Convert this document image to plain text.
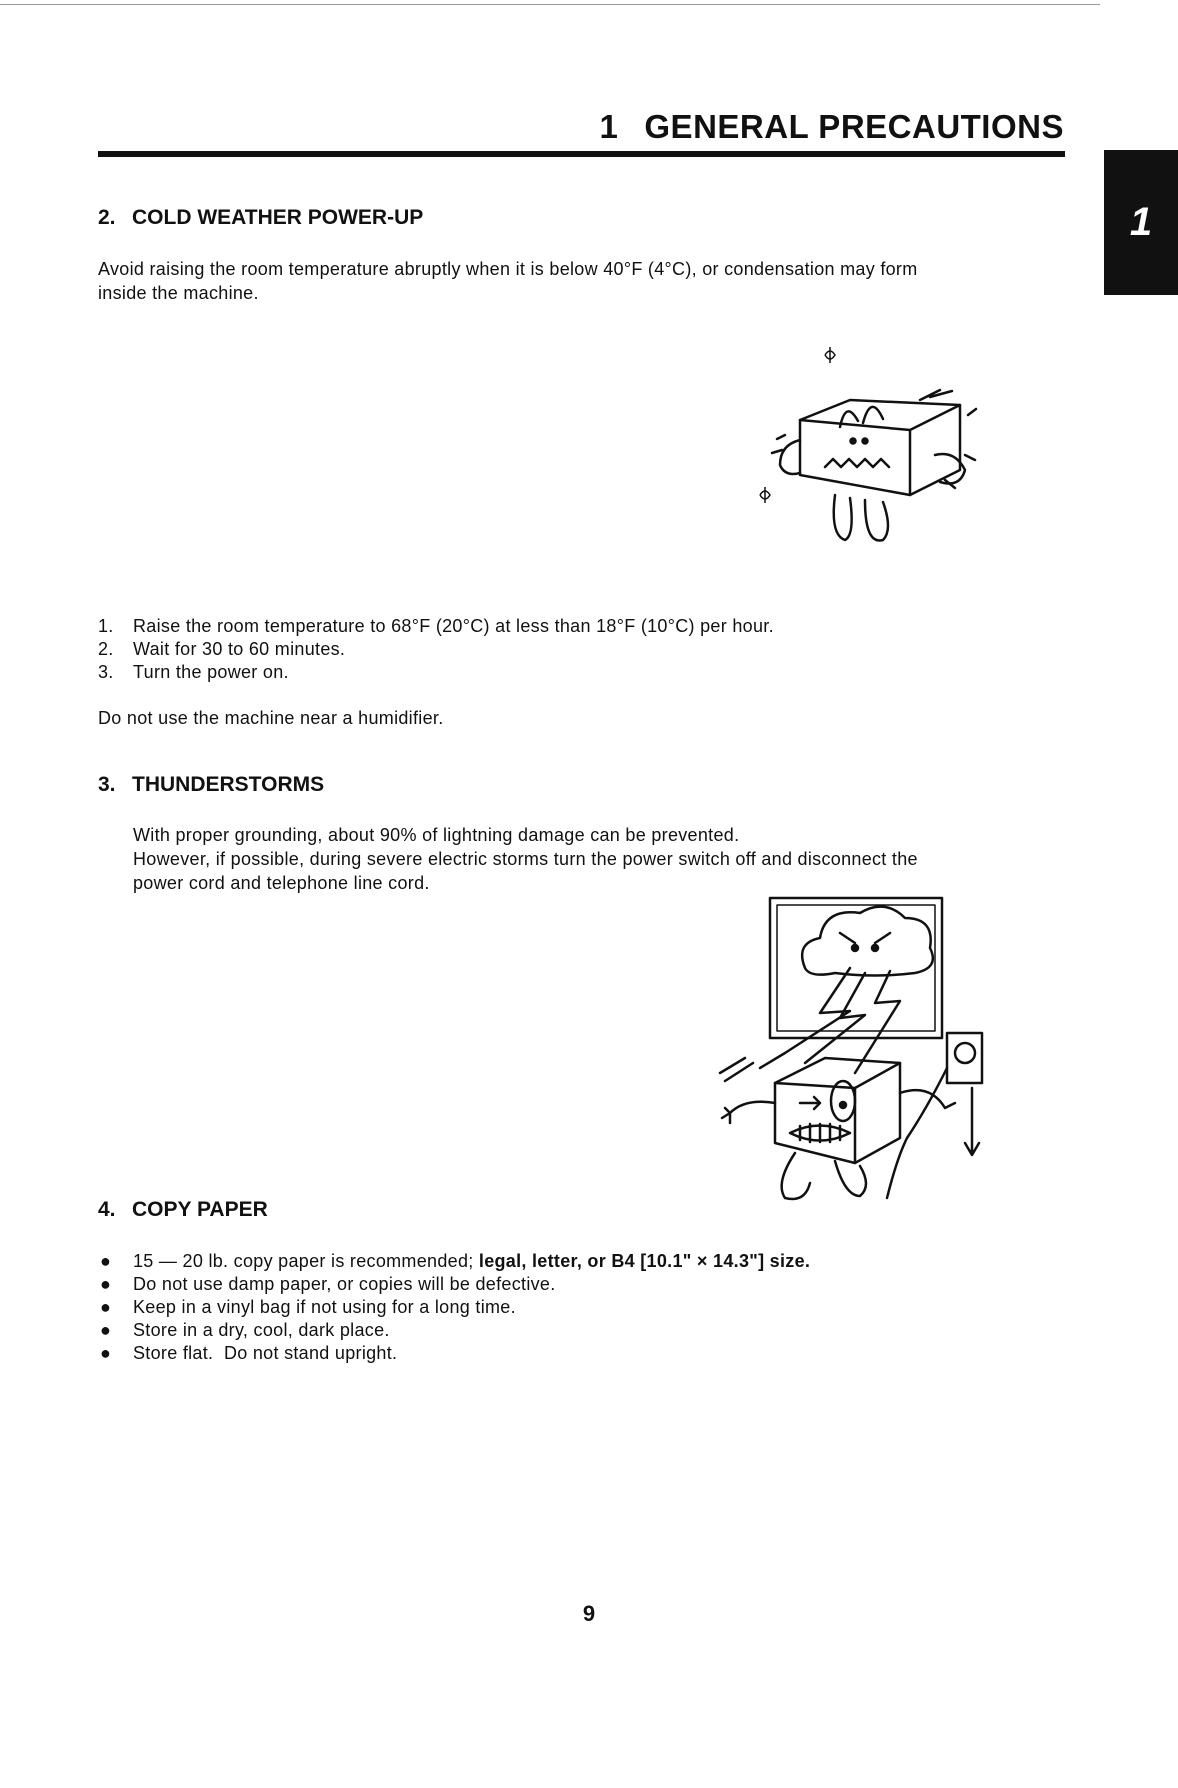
1 GENERAL PRECAUTIONS
1
2. COLD WEATHER POWER-UP
Avoid raising the room temperature abruptly when it is below 40°F (4°C), or condensation may form
inside the machine.
1. Raise the room temperature to 68°F (20°C) at less than 18°F (10°C) per hour.
2. Wait for 30 to 60 minutes.
3. Turn the power on.
Do not use the machine near a humidifier.
3. THUNDERSTORMS
With proper grounding, about 90% of lightning damage can be prevented.
However, if possible, during severe electric storms turn the power switch off and disconnect the
power cord and telephone line cord.
4. COPY PAPER
● 15 — 20 lb. copy paper is recommended; legal, letter, or B4 [10.1" × 14.3"] size.
● Do not use damp paper, or copies will be defective.
● Keep in a vinyl bag if not using for a long time.
● Store in a dry, cool, dark place.
● Store flat.  Do not stand upright.
9
